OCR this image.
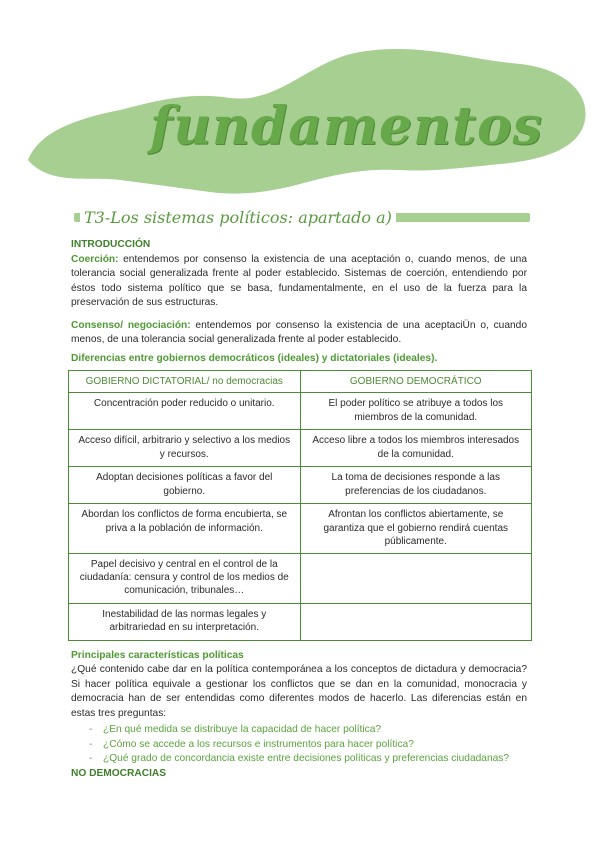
fundamentos
T3-Los sistemas políticos: apartado a)
INTRODUCCIÓN

Coerción: entendemos por consenso la existencia de una aceptación o, cuando menos, de una tolerancia social generalizada frente al poder establecido. Sistemas de coerción, entendiendo por éstos todo sistema político que se basa, fundamentalmente, en el uso de la fuerza para la preservación de sus estructuras.

Consenso/ negociación: entendemos por consenso la existencia de una aceptaciÜn o, cuando menos, de una tolerancia social generalizada frente al poder establecido.

Diferencias entre gobiernos democráticos (ideales) y dictatoriales (ideales).
GOBIERNO DICTATORIAL/ no democracias	GOBIERNO DEMOCRÁTICO
Concentración poder reducido o unitario.	El poder político se atribuye a todos los miembros de la comunidad.
Acceso difícil, arbitrario y selectivo a los medios y recursos.	Acceso libre a todos los miembros interesados de la comunidad.
Adoptan decisiones políticas a favor del gobierno.	La toma de decisiones responde a las preferencias de los ciudadanos.
Abordan los conflictos de forma encubierta, se priva a la población de información.	Afrontan los conflictos abiertamente, se garantiza que el gobierno rendirá cuentas públicamente.
Papel decisivo y central en el control de la ciudadanía: censura y control de los medios de comunicación, tribunales…	
Inestabilidad de las normas legales y arbitrariedad en su interpretación.	
Principales características políticas

¿Qué contenido cabe dar en la política contemporánea a los conceptos de dictadura y democracia? Si hacer política equivale a gestionar los conflictos que se dan en la comunidad, monocracia y democracia han de ser entendidas como diferentes modos de hacerlo. Las diferencias están en estas tres preguntas:

- ¿En qué medida se distribuye la capacidad de hacer política?
- ¿Cómo se accede a los recursos e instrumentos para hacer política?
- ¿Qué grado de concordancia existe entre decisiones políticas y preferencias ciudadanas?
NO DEMOCRACIAS
